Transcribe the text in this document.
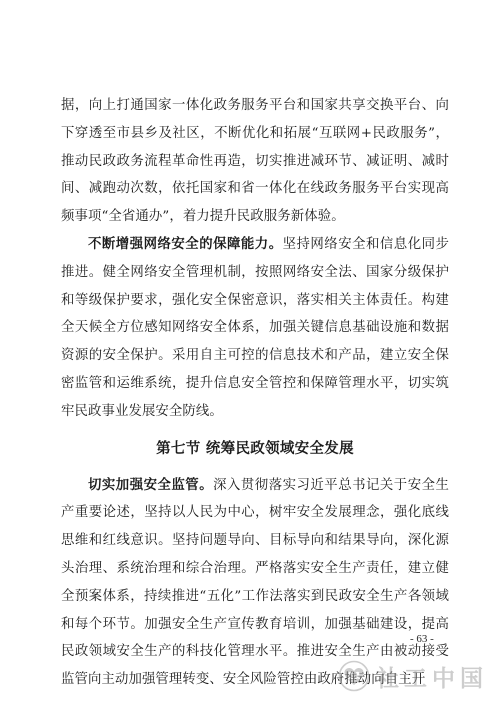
据，向上打通国家一体化政务服务平台和国家共享交换平台、向下穿透至市县乡及社区，不断优化和拓展“互联网+民政服务”，推动民政政务流程革命性再造，切实推进减环节、减证明、减时间、减跑动次数，依托国家和省一体化在线政务服务平台实现高频事项“全省通办”，着力提升民政服务新体验。

不断增强网络安全的保障能力。坚持网络安全和信息化同步推进。健全网络安全管理机制，按照网络安全法、国家分级保护和等级保护要求，强化安全保密意识，落实相关主体责任。构建全天候全方位感知网络安全体系，加强关键信息基础设施和数据资源的安全保护。采用自主可控的信息技术和产品，建立安全保密监管和运维系统，提升信息安全管控和保障管理水平，切实筑牢民政事业发展安全防线。

第七节 统筹民政领域安全发展

切实加强安全监管。深入贯彻落实习近平总书记关于安全生产重要论述，坚持以人民为中心，树牢安全发展理念，强化底线思维和红线意识。坚持问题导向、目标导向和结果导向，深化源头治理、系统治理和综合治理。严格落实安全生产责任，建立健全预案体系，持续推进“五化”工作法落实到民政安全生产各领域和每个环节。加强安全生产宣传教育培训，加强基础建设，提高民政领域安全生产的科技化管理水平。推进安全生产由被动接受监管向主动加强管理转变、安全风险管控由政府推动向自主开

- 63 -
社工中国
